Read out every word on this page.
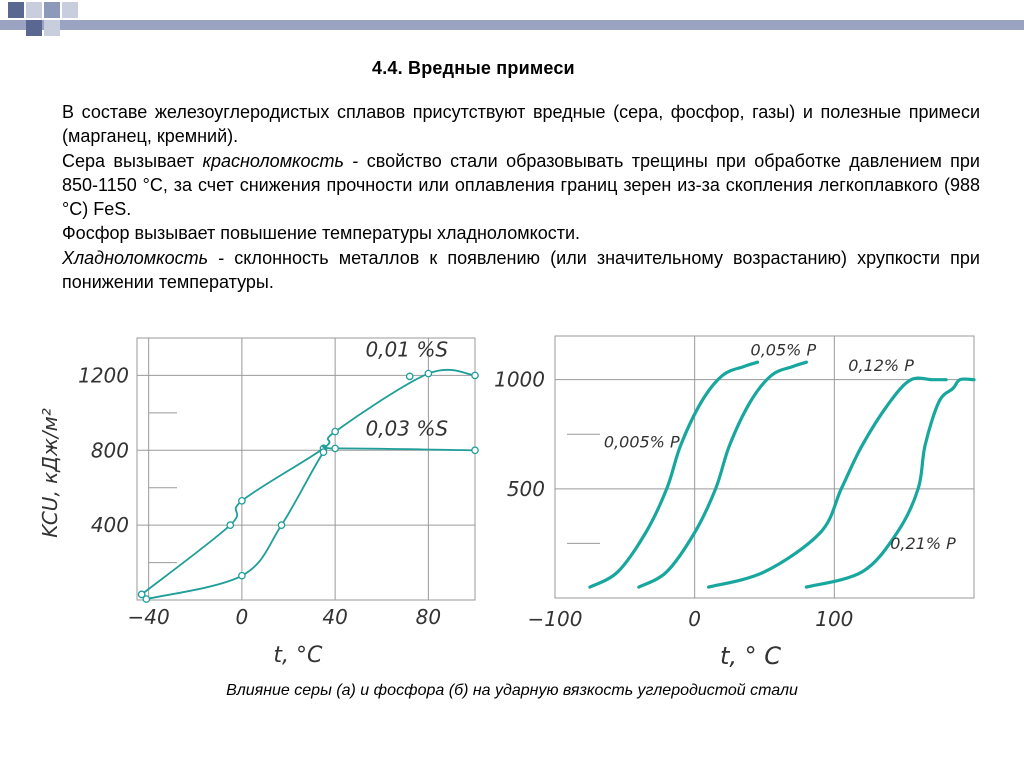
4.4. Вредные примеси

В составе железоуглеродистых сплавов присутствуют вредные (сера, фосфор, газы) и полезные примеси (марганец, кремний).

Сера вызывает красноломкость - свойство стали образовывать трещины при обработке давлением при 850-1150 °С, за счет снижения прочности или оплавления границ зерен из-за скопления легкоплавкого (988 °С) FeS.

Фосфор вызывает повышение температуры хладноломкости.

Хладноломкость - склонность металлов к появлению (или значительному возрастанию) хрупкости при понижении температуры.

−40	0	40	80
400
800
1200
0,01 %S
0,03 %S
KCU, кДж/м²
t, °C
−100	0	100
500
1000
0,005% P
0,05% P
0,12% P
0,21% P
t, ° C
Влияние серы (а) и фосфора (б) на ударную вязкость углеродистой стали
